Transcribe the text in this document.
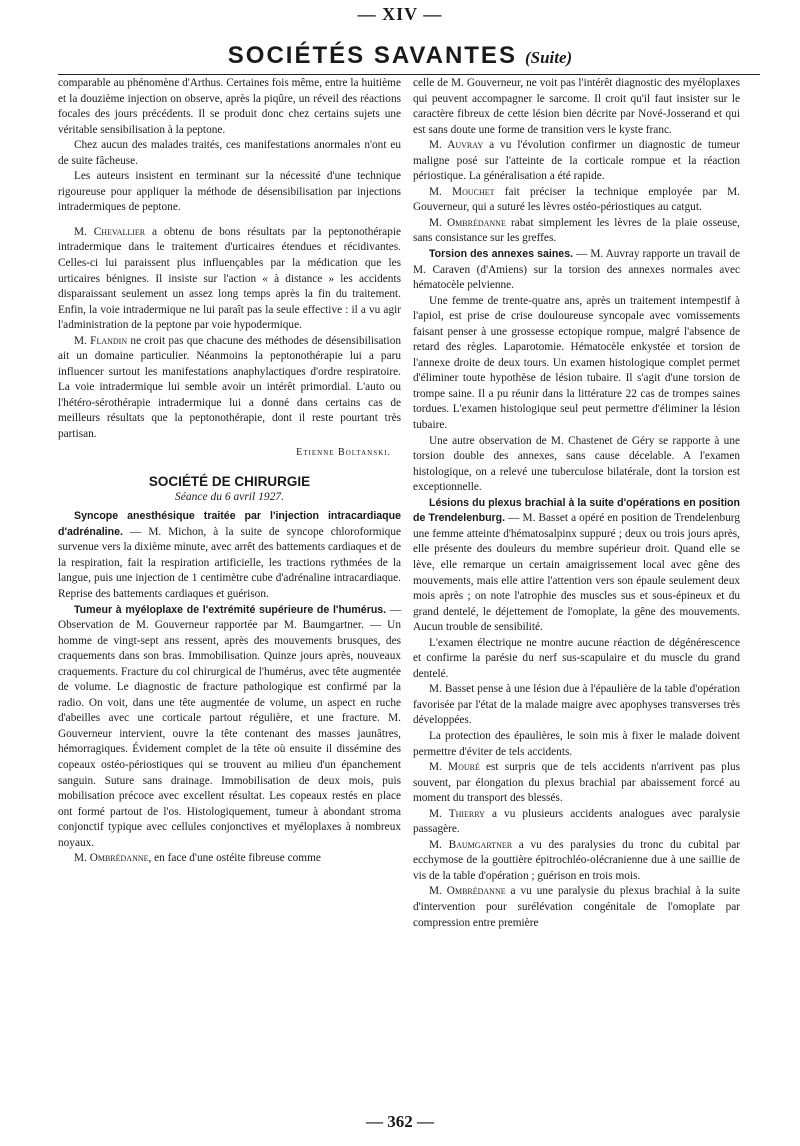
— XIV —
SOCIÉTÉS SAVANTES (Suite)

comparable au phénomène d'Arthus. Certaines fois même, entre la huitième et la douzième injection on observe, après la piqûre, un réveil des réactions focales des jours précédents. Il se produit donc chez certains sujets une véritable sensibilisation à la peptone.

Chez aucun des malades traités, ces manifestations anormales n'ont eu de suite fâcheuse.

Les auteurs insistent en terminant sur la nécessité d'une technique rigoureuse pour appliquer la méthode de désensibilisation par injections intradermiques de peptone.

M. Chevallier a obtenu de bons résultats par la peptonothérapie intradermique dans le traitement d'urticaires étendues et récidivantes. Celles-ci lui paraissent plus influençables par la médication que les urticaires bénignes. Il insiste sur l'action « à distance » les accidents disparaissant seulement un assez long temps après la fin du traitement. Enfin, la voie intradermique ne lui paraît pas la seule effective : il a vu agir l'administration de la peptone par voie hypodermique.

M. Flandin ne croit pas que chacune des méthodes de désensibilisation ait un domaine particulier. Néanmoins la peptonothérapie lui a paru influencer surtout les manifestations anaphylactiques d'ordre respiratoire. La voie intradermique lui semble avoir un intérêt primordial. L'auto ou l'hétéro-sérothérapie intradermique lui a donné dans certains cas de meilleurs résultats que la peptonothérapie, dont il reste pourtant très partisan.

Etienne Boltanski.
SOCIÉTÉ DE CHIRURGIE
Séance du 6 avril 1927.

Syncope anesthésique traitée par l'injection intracardiaque d'adrénaline. — M. Michon, à la suite de syncope chloroformique survenue vers la dixième minute, avec arrêt des battements cardiaques et de la respiration, fait la respiration artificielle, les tractions rythmées de la langue, puis une injection de 1 centimètre cube d'adrénaline intracardiaque. Reprise des battements cardiaques et guérison.

Tumeur à myéloplaxe de l'extrémité supérieure de l'humérus. — Observation de M. Gouverneur rapportée par M. Baumgartner. — Un homme de vingt-sept ans ressent, après des mouvements brusques, des craquements dans son bras. Immobilisation. Quinze jours après, nouveaux craquements. Fracture du col chirurgical de l'humérus, avec tête augmentée de volume. Le diagnostic de fracture pathologique est confirmé par la radio. On voit, dans une tête augmentée de volume, un aspect en ruche d'abeilles avec une corticale partout régulière, et une fracture. M. Gouverneur intervient, ouvre la tête contenant des masses jaunâtres, hémorragiques. Évidement complet de la tête où ensuite il dissémine des copeaux ostéo-périostiques qui se trouvent au milieu d'un épanchement sanguin. Suture sans drainage. Immobilisation de deux mois, puis mobilisation précoce avec excellent résultat. Les copeaux restés en place ont formé partout de l'os. Histologiquement, tumeur à abondant stroma conjonctif typique avec cellules conjonctives et myéloplaxes à nombreux noyaux.

M. Ombrédanne, en face d'une ostéite fibreuse comme

celle de M. Gouverneur, ne voit pas l'intérêt diagnostic des myéloplaxes qui peuvent accompagner le sarcome. Il croit qu'il faut insister sur le caractère fibreux de cette lésion bien décrite par Nové-Josserand et qui est sans doute une forme de transition vers le kyste franc.

M. Auvray a vu l'évolution confirmer un diagnostic de tumeur maligne posé sur l'atteinte de la corticale rompue et la réaction périostique. La généralisation a été rapide.

M. Mouchet fait préciser la technique employée par M. Gouverneur, qui a suturé les lèvres ostéo-périostiques au catgut.

M. Ombrédanne rabat simplement les lèvres de la plaie osseuse, sans consistance sur les greffes.

Torsion des annexes saines. — M. Auvray rapporte un travail de M. Caraven (d'Amiens) sur la torsion des annexes normales avec hématocèle pelvienne.

Une femme de trente-quatre ans, après un traitement intempestif à l'apiol, est prise de crise douloureuse syncopale avec vomissements faisant penser à une grossesse ectopique rompue, malgré l'absence de retard des règles. Laparotomie. Hématocèle enkystée et torsion de l'annexe droite de deux tours. Un examen histologique complet permet d'éliminer toute hypothèse de lésion tubaire. Il s'agit d'une torsion de trompe saine. Il a pu réunir dans la littérature 22 cas de trompes saines tordues. L'examen histologique seul peut permettre d'éliminer la lésion tubaire.

Une autre observation de M. Chastenet de Géry se rapporte à une torsion double des annexes, sans cause décelable. A l'examen histologique, on a relevé une tuberculose bilatérale, dont la torsion est exceptionnelle.

Lésions du plexus brachial à la suite d'opérations en position de Trendelenburg. — M. Basset a opéré en position de Trendelenburg une femme atteinte d'hématosalpinx suppuré ; deux ou trois jours après, elle présente des douleurs du membre supérieur droit. Quand elle se lève, elle remarque un certain amaigrissement local avec gêne des mouvements, mais elle attire l'attention vers son épaule seulement deux mois après ; on note l'atrophie des muscles sus et sous-épineux et du grand dentelé, le déjettement de l'omoplate, la gêne des mouvements. Aucun trouble de sensibilité.

L'examen électrique ne montre aucune réaction de dégénérescence et confirme la parésie du nerf sus-scapulaire et du muscle du grand dentelé.

M. Basset pense à une lésion due à l'épaulière de la table d'opération favorisée par l'état de la malade maigre avec apophyses transverses très développées.

La protection des épaulières, le soin mis à fixer le malade doivent permettre d'éviter de tels accidents.

M. Mouré est surpris que de tels accidents n'arrivent pas plus souvent, par élongation du plexus brachial par abaissement forcé au moment du transport des blessés.

M. Thierry a vu plusieurs accidents analogues avec paralysie passagère.

M. Baumgartner a vu des paralysies du tronc du cubital par ecchymose de la gouttière épitrochléo-olécranienne due à une saillie de vis de la table d'opération ; guérison en trois mois.

M. Ombrédanne a vu une paralysie du plexus brachial à la suite d'intervention pour surélévation congénitale de l'omoplate par compression entre première

— 362 —
